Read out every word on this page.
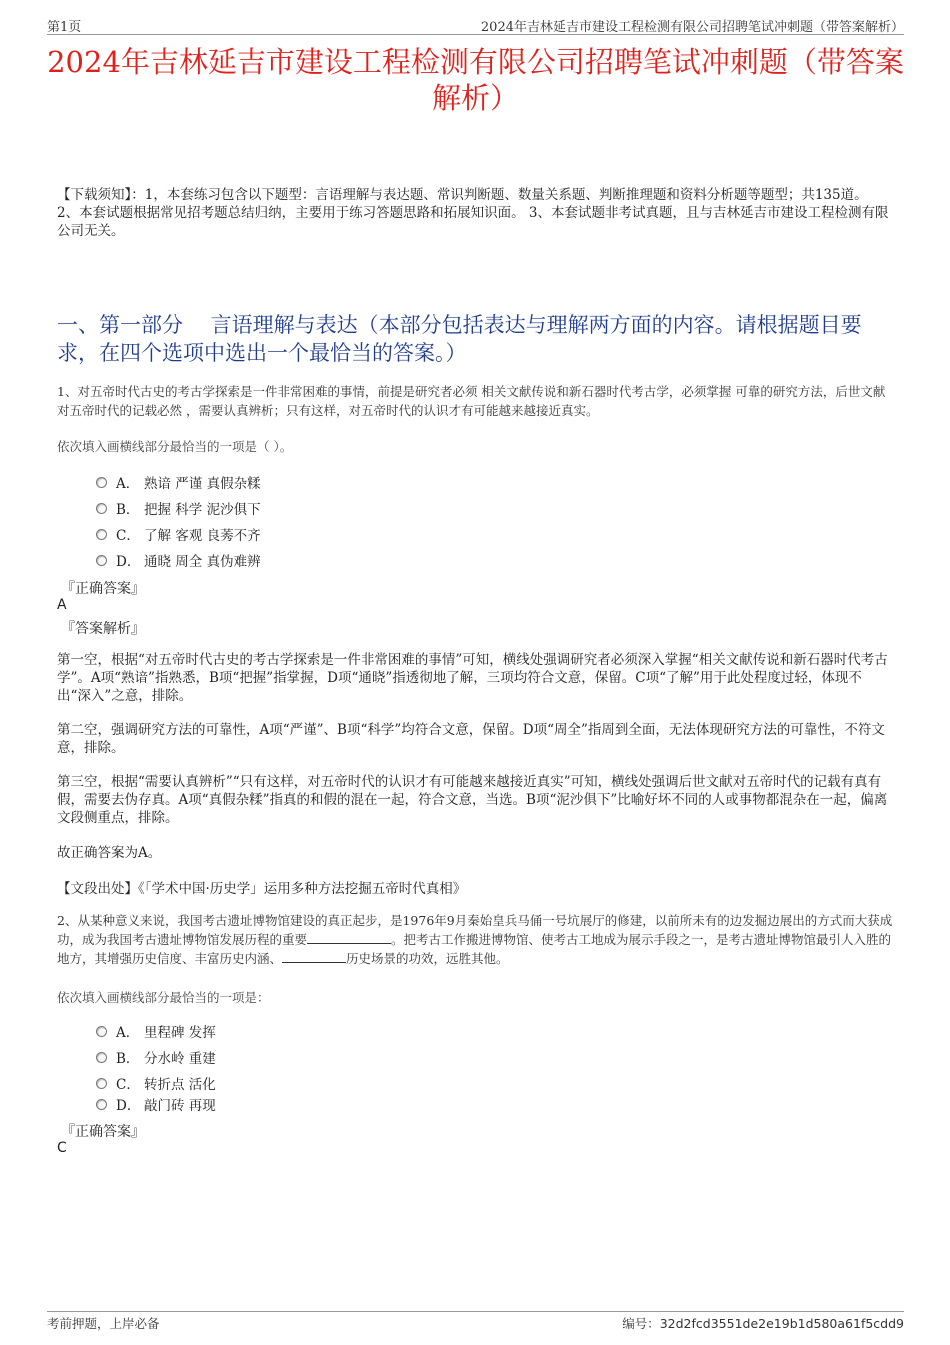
第1页	2024年吉林延吉市建设工程检测有限公司招聘笔试冲刺题（带答案解析）
2024年吉林延吉市建设工程检测有限公司招聘笔试冲刺题（带答案解析）
【下载须知】：1，本套练习包含以下题型：言语理解与表达题、常识判断题、数量关系题、判断推理题和资料分析题等题型；共135道。 2、本套试题根据常见招考题总结归纳，主要用于练习答题思路和拓展知识面。 3、本套试题非考试真题，且与吉林延吉市建设工程检测有限公司无关。
一、第一部分　 言语理解与表达（本部分包括表达与理解两方面的内容。请根据题目要求，在四个选项中选出一个最恰当的答案。）
1、对五帝时代古史的考古学探索是一件非常困难的事情，前提是研究者必须 相关文献传说和新石器时代考古学，必须掌握 可靠的研究方法，后世文献对五帝时代的记载必然 ，需要认真辨析；只有这样，对五帝时代的认识才有可能越来越接近真实。
依次填入画横线部分最恰当的一项是（ ）。
A． 熟谙 严谨 真假杂糅
B． 把握 科学 泥沙俱下
C． 了解 客观 良莠不齐
D． 通晓 周全 真伪难辨
『正确答案』
A
『答案解析』
第一空，根据“对五帝时代古史的考古学探索是一件非常困难的事情”可知，横线处强调研究者必须深入掌握“相关文献传说和新石器时代考古学”。A项“熟谙”指熟悉，B项“把握”指掌握，D项“通晓”指透彻地了解，三项均符合文意，保留。C项“了解”用于此处程度过轻，体现不出“深入”之意，排除。
第二空，强调研究方法的可靠性，A项“严谨”、B项“科学”均符合文意，保留。D项“周全”指周到全面，无法体现研究方法的可靠性，不符文意，排除。
第三空，根据“需要认真辨析”“只有这样，对五帝时代的认识才有可能越来越接近真实”可知，横线处强调后世文献对五帝时代的记载有真有假，需要去伪存真。A项“真假杂糅”指真的和假的混在一起，符合文意，当选。B项“泥沙俱下”比喻好坏不同的人或事物都混杂在一起，偏离文段侧重点，排除。
故正确答案为A。
【文段出处】《「学术中国·历史学」运用多种方法挖掘五帝时代真相》
2、从某种意义来说，我国考古遗址博物馆建设的真正起步，是1976年9月秦始皇兵马俑一号坑展厅的修建，以前所未有的边发掘边展出的方式而大获成功，成为我国考古遗址博物馆发展历程的重要	。把考古工作搬进博物馆、使考古工地成为展示手段之一，是考古遗址博物馆最引人入胜的地方，其增强历史信度、丰富历史内涵、	历史场景的功效，远胜其他。
依次填入画横线部分最恰当的一项是：
A． 里程碑 发挥
B． 分水岭 重建
C． 转折点 活化
D． 敲门砖 再现
『正确答案』
C
考前押题，上岸必备	编号：32d2fcd3551de2e19b1d580a61f5cdd9
